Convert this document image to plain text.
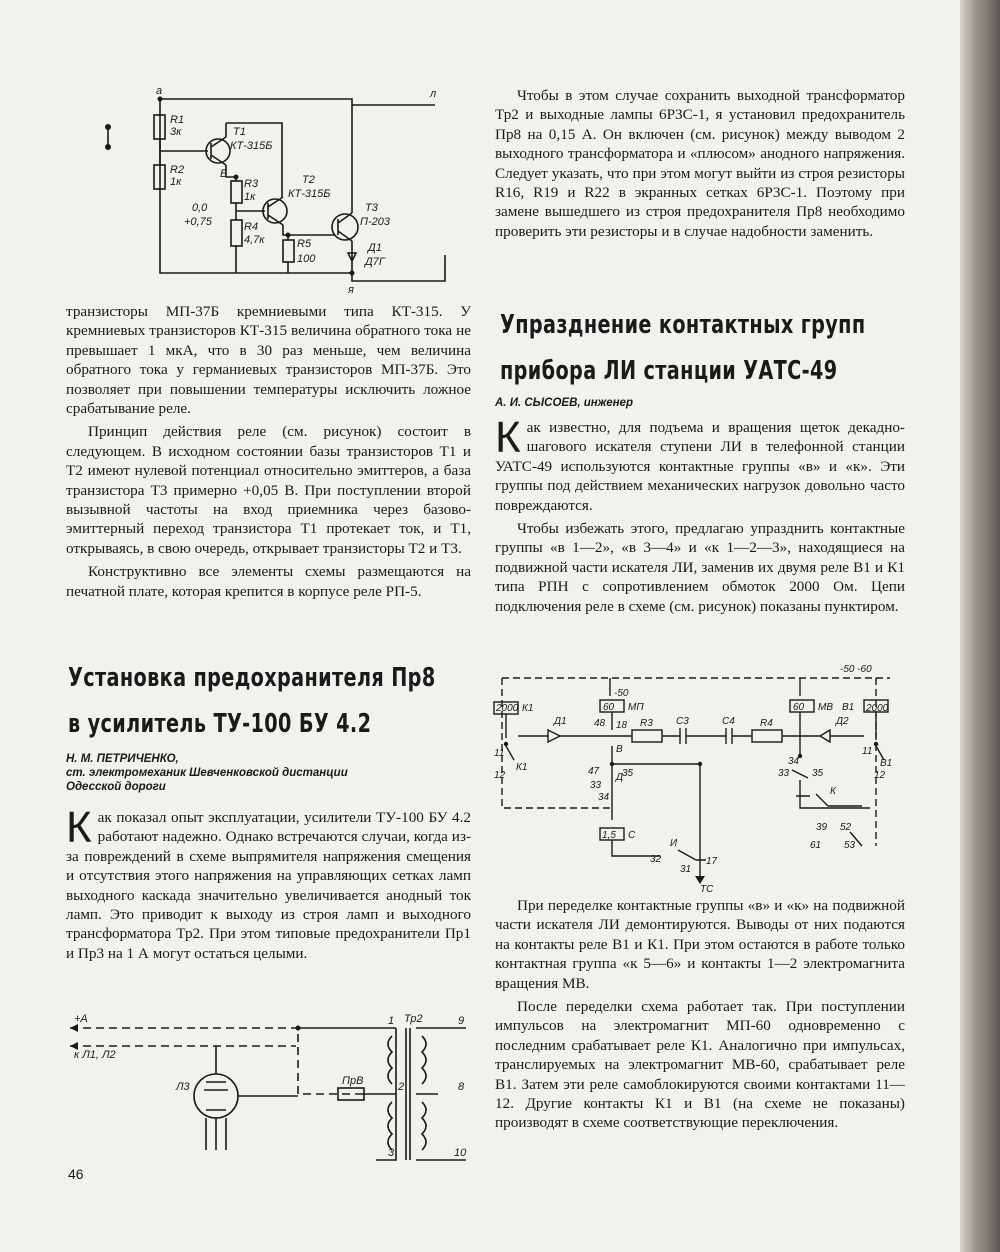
а	л
я
R1
3к
R2
1к
Б
Т1
КТ-315Б
R3
1к
R4
4,7к
Т2
КТ-315Б
R5
100
Т3
П-203
Д1
Д7Г
0,0
+0,75

транзисторы МП-37Б кремниевыми типа КТ-315. У кремниевых транзисторов КТ-315 величина обратного тока не превышает 1 мкА, что в 30 раз меньше, чем величина обратного тока у германиевых транзисторов МП-37Б. Это позволяет при повышении температуры исключить ложное срабатывание реле.

Принцип действия реле (см. рисунок) состоит в следующем. В исходном состоянии базы транзисторов Т1 и Т2 имеют нулевой потенциал относительно эмиттеров, а база транзистора Т3 примерно +0,05 В. При поступлении второй вызывной частоты на вход приемника через базово-эмиттерный переход транзистора Т1 протекает ток, и Т1, открываясь, в свою очередь, открывает транзисторы Т2 и Т3.

Конструктивно все элементы схемы размещаются на печатной плате, которая крепится в корпусе реле РП-5.

Установка предохранителя Пр8
в усилитель ТУ-100 БУ 4.2
Н. М. ПЕТРИЧЕНКО,
ст. электромеханик Шевченковской дистанции
Одесской дороги

Как показал опыт эксплуатации, усилители ТУ-100 БУ 4.2 работают надежно. Однако встречаются случаи, когда из-за повреждений в схеме выпрямителя напряжения смещения и отсутствия этого напряжения на управляющих сетках ламп выходного каскада значительно увеличивается анодный ток ламп. Это приводит к выходу из строя ламп и выходного трансформатора Тр2. При этом типовые предохранители Пр1 и Пр3 на 1 А могут остаться целыми.

+А
к Л1, Л2
Л3
Тр2
ПрВ
1
2
3
8
9
10
46

Чтобы в этом случае сохранить выходной трансформатор Тр2 и выходные лампы 6Р3С-1, я установил предохранитель Пр8 на 0,15 А. Он включен (см. рисунок) между выводом 2 выходного трансформатора и «плюсом» анодного напряжения. Следует указать, что при этом могут выйти из строя резисторы R16, R19 и R22 в экранных сетках 6Р3С-1. Поэтому при замене вышедшего из строя предохранителя Пр8 необходимо проверить эти резисторы и в случае надобности заменить.

Упразднение контактных групп
прибора ЛИ станции УАТС-49
А. И. СЫСОЕВ, инженер

Как известно, для подъема и вращения щеток декадно-шагового искателя ступени ЛИ в телефонной станции УАТС-49 используются контактные группы «в» и «к». Эти группы под действием механических нагрузок довольно часто повреждаются.

Чтобы избежать этого, предлагаю упразднить контактные группы «в 1—2», «в 3—4» и «к 1—2—3», находящиеся на подвижной части искателя ЛИ, заменив их двумя реле В1 и К1 типа РПН с сопротивлением обмоток 2000 Ом. Цепи подключения реле в схеме (см. рисунок) показаны пунктиром.

-50 -60
-50
60 МП	60 МВ В1 2000
2000 К1
Д1	Д2
R3 С3	С4	R4
48 18
11
12
К1
11
12
В1
В
47
Д
33
35
34
34
33 35
К
39 52
61 53
1,5 С
И
32
31
17
ТС

При переделке контактные группы «в» и «к» на подвижной части искателя ЛИ демонтируются. Выводы от них подаются на контакты реле В1 и К1. При этом остаются в работе только контактная группа «к 5—6» и контакты 1—2 электромагнита вращения МВ.

После переделки схема работает так. При поступлении импульсов на электромагнит МП-60 одновременно с последним срабатывает реле К1. Аналогично при импульсах, транслируемых на электромагнит МВ-60, срабатывает реле В1. Затем эти реле самоблокируются своими контактами 11—12. Другие контакты К1 и В1 (на схеме не показаны) производят в схеме соответствующие переключения.
